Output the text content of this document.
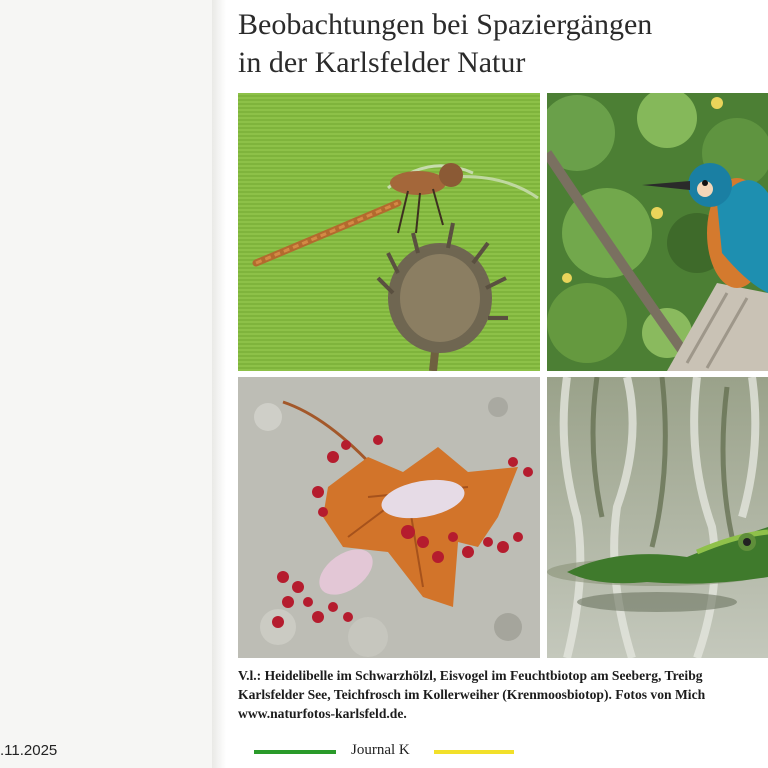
Beobachtungen bei Spaziergängen
in der Karlsfelder Natur

V.l.: Heidelibelle im Schwarzhölzl, Eisvogel im Feuchtbiotop am Seeberg, Treibg
Karlsfelder See, Teichfrosch im Kollerweiher (Krenmoosbiotop). Fotos von Mich
www.naturfotos-karlsfeld.de.

.11.2025	Journal K
